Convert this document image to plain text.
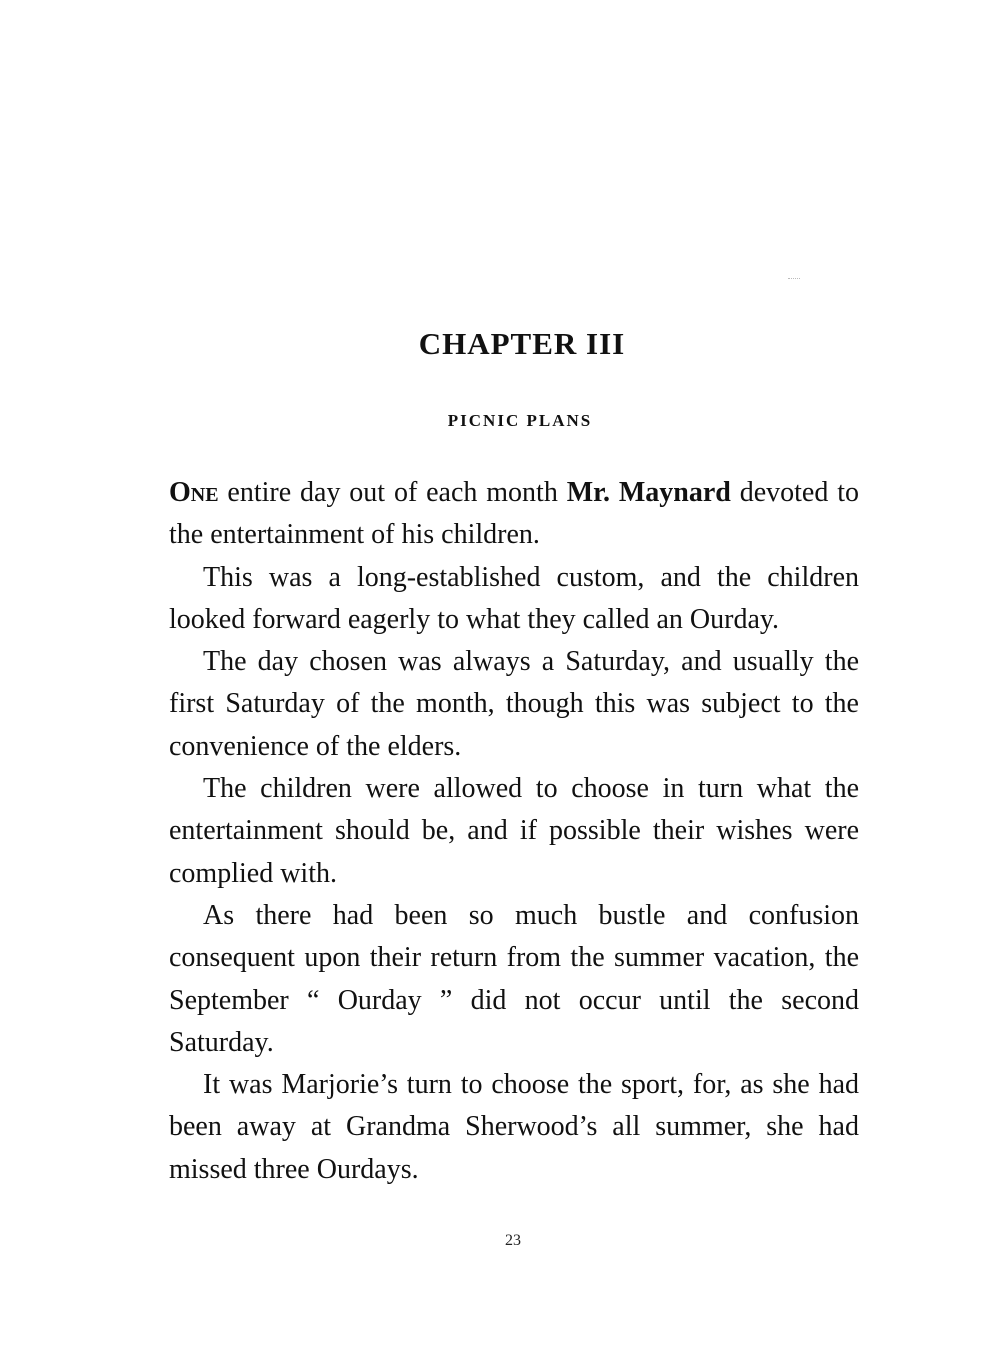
CHAPTER III
PICNIC PLANS

One entire day out of each month Mr. Maynard devoted to the entertainment of his children.

This was a long-established custom, and the children looked forward eagerly to what they called an Ourday.

The day chosen was always a Saturday, and usually the first Saturday of the month, though this was subject to the convenience of the elders.

The children were allowed to choose in turn what the entertainment should be, and if possible their wishes were complied with.

As there had been so much bustle and confusion consequent upon their return from the summer vacation, the September “ Ourday ” did not occur until the second Saturday.

It was Marjorie’s turn to choose the sport, for, as she had been away at Grandma Sherwood’s all summer, she had missed three Ourdays.

23
